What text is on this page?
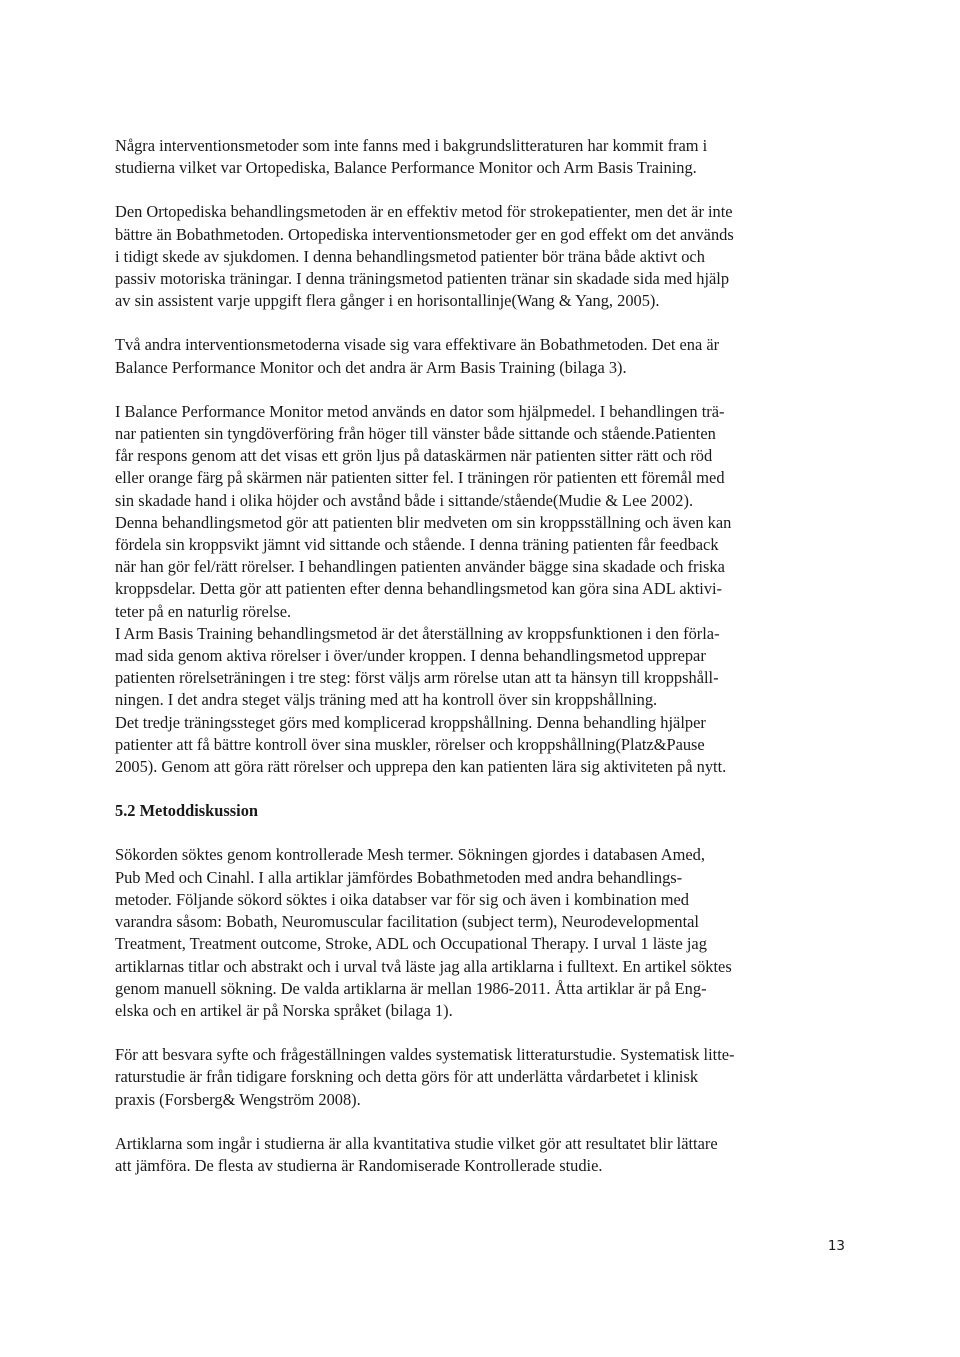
Några interventionsmetoder som inte fanns med i bakgrundslitteraturen har kommit fram i
studierna vilket var Ortopediska, Balance Performance Monitor och Arm Basis Training.
Den Ortopediska behandlingsmetoden är en effektiv metod för strokepatienter, men det är inte
bättre än Bobathmetoden. Ortopediska interventionsmetoder ger en god effekt om det används
i tidigt skede av sjukdomen. I denna behandlingsmetod patienter bör träna både aktivt och
passiv motoriska träningar. I denna träningsmetod patienten tränar sin skadade sida med hjälp
av sin assistent varje uppgift flera gånger i en horisontallinje(Wang & Yang, 2005).
Två andra interventionsmetoderna visade sig vara effektivare än Bobathmetoden. Det ena är
Balance Performance Monitor och det andra är Arm Basis Training (bilaga 3).
I Balance Performance Monitor metod används en dator som hjälpmedel. I behandlingen trä-
nar patienten sin tyngdöverföring från höger till vänster både sittande och stående.Patienten
får respons genom att det visas ett grön ljus på dataskärmen när patienten sitter rätt och röd
eller orange färg på skärmen när patienten sitter fel. I träningen rör patienten ett föremål med
sin skadade hand i olika höjder och avstånd både i sittande/stående(Mudie & Lee 2002).
Denna behandlingsmetod gör att patienten blir medveten om sin kroppsställning och även kan
fördela sin kroppsvikt jämnt vid sittande och stående. I denna träning patienten får feedback
när han gör fel/rätt rörelser. I behandlingen patienten använder bägge sina skadade och friska
kroppsdelar. Detta gör att patienten efter denna behandlingsmetod kan göra sina ADL aktivi-
teter på en naturlig rörelse.
I Arm Basis Training behandlingsmetod är det återställning av kroppsfunktionen i den förla-
mad sida genom aktiva rörelser i över/under kroppen. I denna behandlingsmetod upprepar
patienten rörelseträningen i tre steg: först väljs arm rörelse utan att ta hänsyn till kroppshåll-
ningen. I det andra steget väljs träning med att ha kontroll över sin kroppshållning.
Det tredje träningssteget görs med komplicerad kroppshållning. Denna behandling hjälper
patienter att få bättre kontroll över sina muskler, rörelser och kroppshållning(Platz&Pause
2005). Genom att göra rätt rörelser och upprepa den kan patienten lära sig aktiviteten på nytt.
5.2 Metoddiskussion
Sökorden söktes genom kontrollerade Mesh termer. Sökningen gjordes i databasen Amed,
Pub Med och Cinahl. I alla artiklar jämfördes Bobathmetoden med andra behandlings-
metoder. Följande sökord söktes i oika databser var för sig och även i kombination med
varandra såsom: Bobath, Neuromuscular facilitation (subject term), Neurodevelopmental
Treatment, Treatment outcome, Stroke, ADL och Occupational Therapy. I urval 1 läste jag
artiklarnas titlar och abstrakt och i urval två läste jag alla artiklarna i fulltext. En artikel söktes
genom manuell sökning. De valda artiklarna är mellan 1986-2011. Åtta artiklar är på Eng-
elska och en artikel är på Norska språket (bilaga 1).
För att besvara syfte och frågeställningen valdes systematisk litteraturstudie. Systematisk litte-
raturstudie är från tidigare forskning och detta görs för att underlätta vårdarbetet i klinisk
praxis (Forsberg& Wengström 2008).
Artiklarna som ingår i studierna är alla kvantitativa studie vilket gör att resultatet blir lättare
att jämföra. De flesta av studierna är Randomiserade Kontrollerade studie.
13
